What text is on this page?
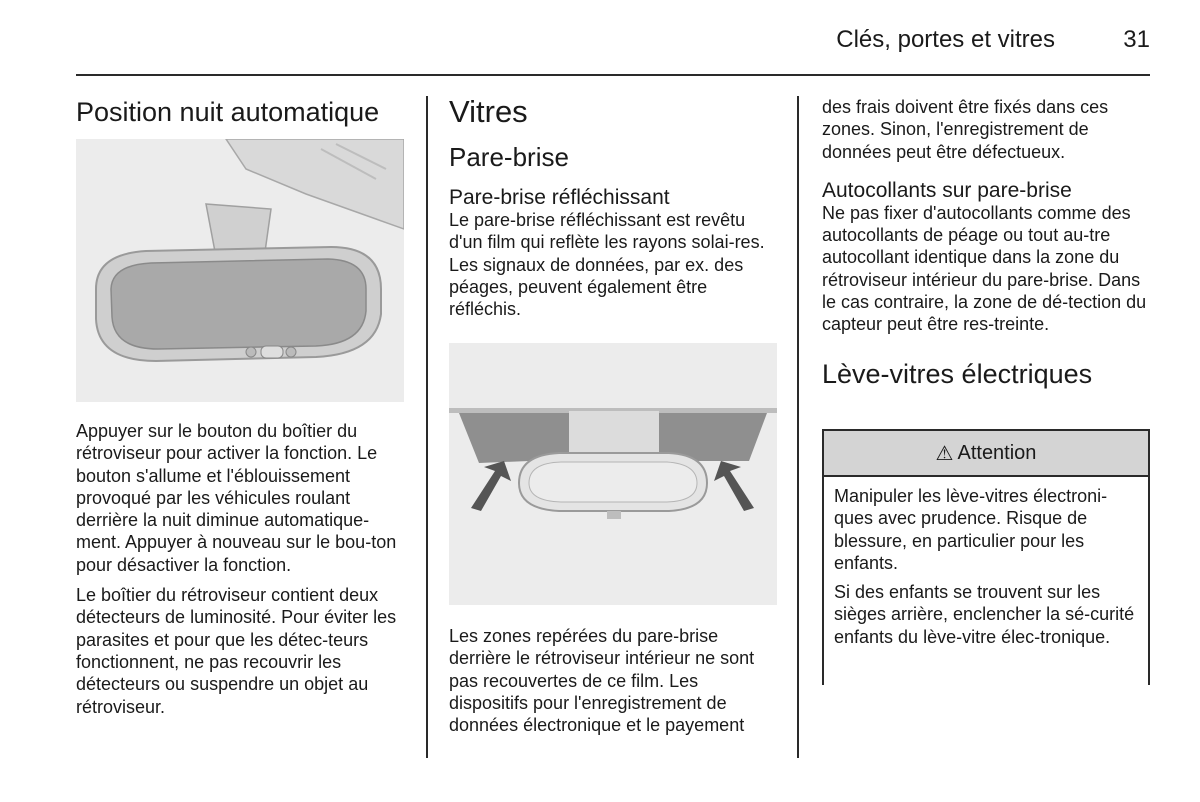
Clés, portes et vitres	31
Position nuit automatique

Appuyer sur le bouton du boîtier du rétroviseur pour activer la fonction. Le bouton s'allume et l'éblouissement provoqué par les véhicules roulant derrière la nuit diminue automatique-ment. Appuyer à nouveau sur le bou-ton pour désactiver la fonction.

Le boîtier du rétroviseur contient deux détecteurs de luminosité. Pour éviter les parasites et pour que les détec-teurs fonctionnent, ne pas recouvrir les détecteurs ou suspendre un objet au rétroviseur.

Vitres
Pare-brise
Pare-brise réfléchissant

Le pare-brise réfléchissant est revêtu d'un film qui reflète les rayons solai-res. Les signaux de données, par ex. des péages, peuvent également être réfléchis.

Les zones repérées du pare-brise derrière le rétroviseur intérieur ne sont pas recouvertes de ce film. Les dispositifs pour l'enregistrement de données électronique et le payement

des frais doivent être fixés dans ces zones. Sinon, l'enregistrement de données peut être défectueux.

Autocollants sur pare-brise

Ne pas fixer d'autocollants comme des autocollants de péage ou tout au-tre autocollant identique dans la zone du rétroviseur intérieur du pare-brise. Dans le cas contraire, la zone de dé-tection du capteur peut être res-treinte.

Lève-vitres électriques
⚠ Attention

Manipuler les lève-vitres électroni-ques avec prudence. Risque de blessure, en particulier pour les enfants.

Si des enfants se trouvent sur les sièges arrière, enclencher la sé-curité enfants du lève-vitre élec-tronique.
